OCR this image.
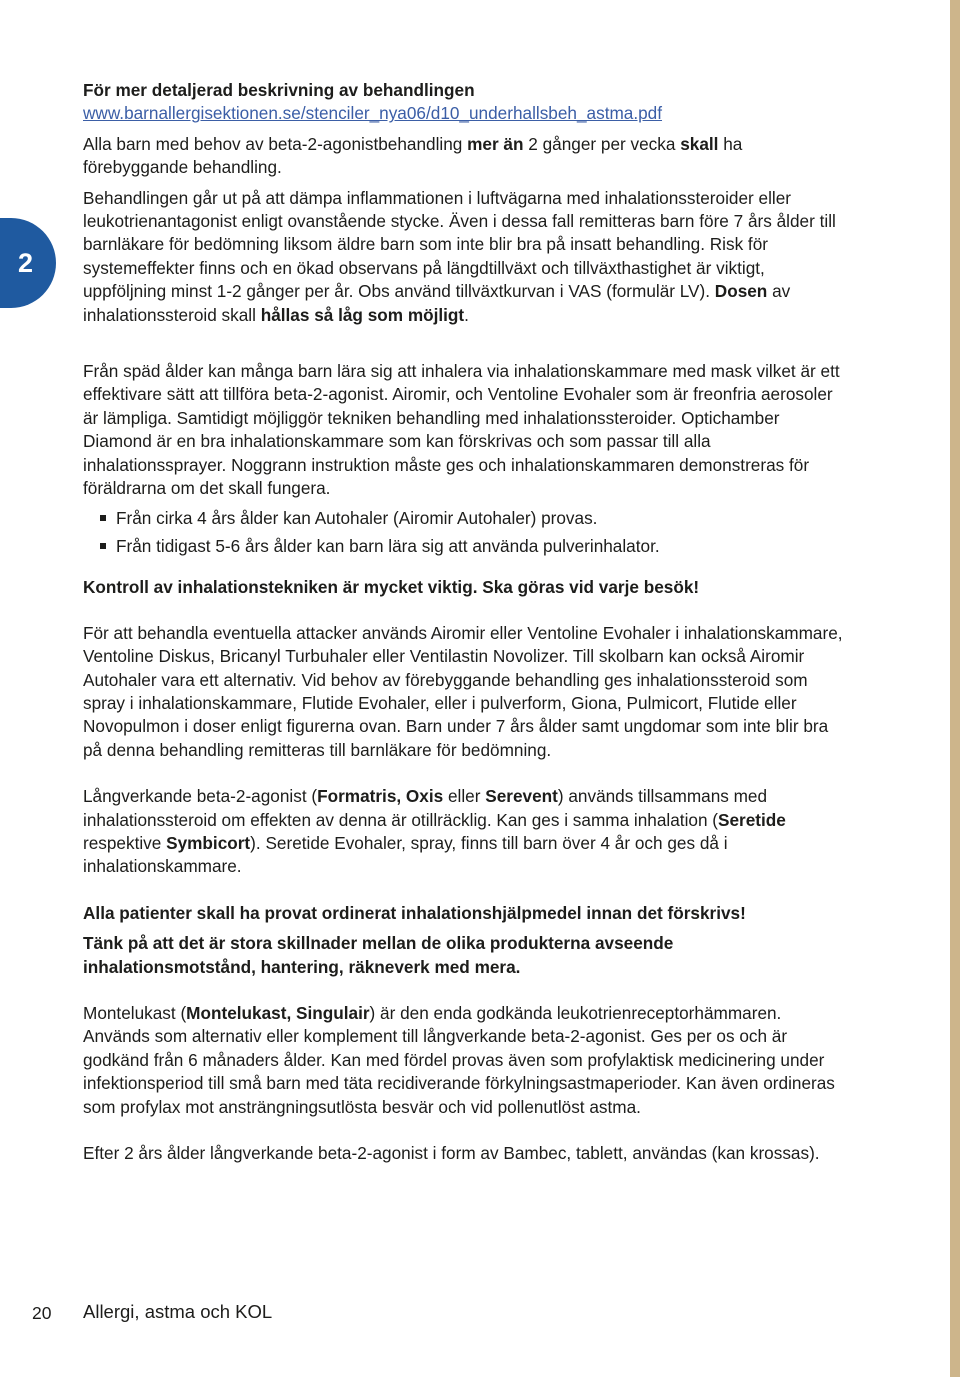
2

För mer detaljerad beskrivning av behandlingen

www.barnallergisektionen.se/stenciler_nya06/d10_underhallsbeh_astma.pdf

Alla barn med behov av beta-2-agonistbehandling mer än 2 gånger per vecka skall ha förebyggande behandling.

Behandlingen går ut på att dämpa inflammationen i luftvägarna med inhalationssteroider eller leukotrienantagonist enligt ovanstående stycke. Även i dessa fall remitteras barn före 7 års ålder till barnläkare för bedömning liksom äldre barn som inte blir bra på insatt behandling. Risk för systemeffekter finns och en ökad observans på längdtillväxt och tillväxthastighet är viktigt, uppföljning minst 1-2 gånger per år. Obs använd tillväxtkurvan i VAS (formulär LV). Dosen av inhalationssteroid skall hållas så låg som möjligt.

Från späd ålder kan många barn lära sig att inhalera via inhalationskammare med mask vilket är ett effektivare sätt att tillföra beta-2-agonist. Airomir, och Ventoline Evohaler som är freonfria aerosoler är lämpliga. Samtidigt möjliggör tekniken behandling med inhalationssteroider. Optichamber Diamond är en bra inhalationskammare som kan förskrivas och som passar till alla inhalationssprayer. Noggrann instruktion måste ges och inhalationskammaren demonstreras för föräldrarna om det skall fungera.

Från cirka 4 års ålder kan Autohaler (Airomir Autohaler) provas.
Från tidigast 5-6 års ålder kan barn lära sig att använda pulverinhalator.

Kontroll av inhalationstekniken är mycket viktig. Ska göras vid varje besök!

För att behandla eventuella attacker används Airomir eller Ventoline Evohaler i inhalationskammare, Ventoline Diskus, Bricanyl Turbuhaler eller Ventilastin Novolizer. Till skolbarn kan också Airomir Autohaler vara ett alternativ. Vid behov av förebyggande behandling ges inhalationssteroid som spray i inhalationskammare, Flutide Evohaler, eller i pulverform, Giona, Pulmicort, Flutide eller Novopulmon i doser enligt figurerna ovan. Barn under 7 års ålder samt ungdomar som inte blir bra på denna behandling remitteras till barnläkare för bedömning.

Långverkande beta-2-agonist (Formatris, Oxis eller Serevent) används tillsammans med inhalationssteroid om effekten av denna är otillräcklig. Kan ges i samma inhalation (Seretide respektive Symbicort). Seretide Evohaler, spray, finns till barn över 4 år och ges då i inhalationskammare.

Alla patienter skall ha provat ordinerat inhalationshjälpmedel innan det förskrivs!

Tänk på att det är stora skillnader mellan de olika produkterna avseende inhalationsmotstånd, hantering, räkneverk med mera.

Montelukast (Montelukast, Singulair) är den enda godkända leukotrienreceptorhämmaren. Används som alternativ eller komplement till långverkande beta-2-agonist. Ges per os och är godkänd från 6 månaders ålder. Kan med fördel provas även som profylaktisk medicinering under infektionsperiod till små barn med täta recidiverande förkylningsastmaperioder. Kan även ordineras som profylax mot ansträngningsutlösta besvär och vid pollenutlöst astma.

Efter 2 års ålder långverkande beta-2-agonist i form av Bambec, tablett, användas (kan krossas).

20 Allergi, astma och KOL
